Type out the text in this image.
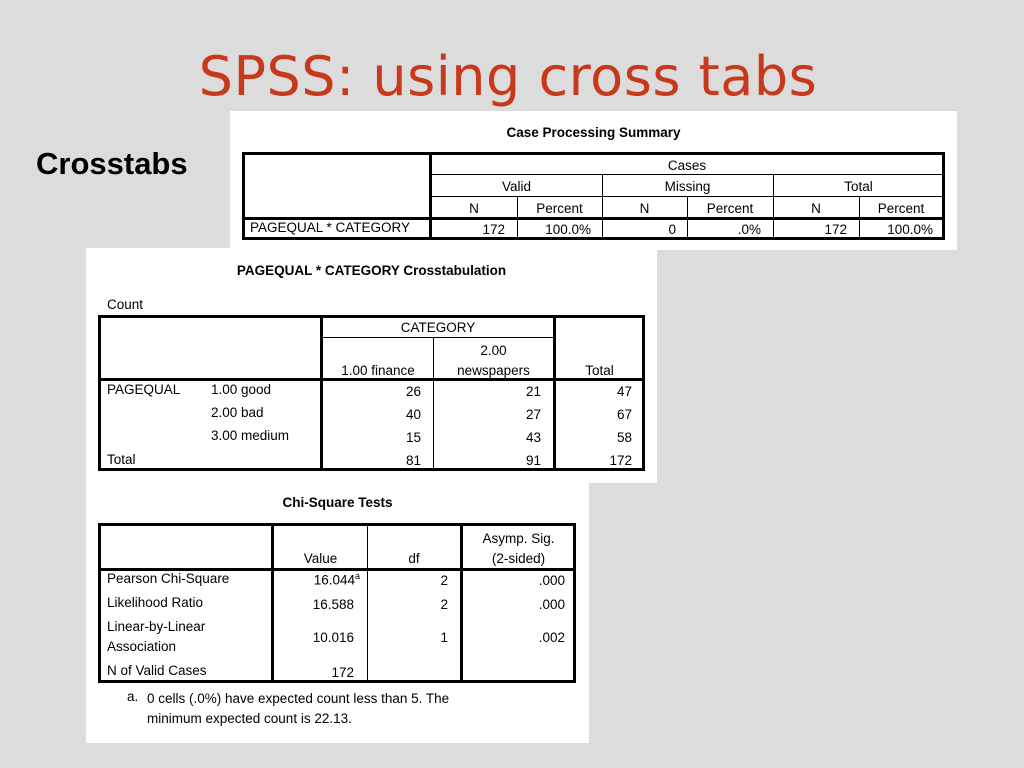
SPSS: using cross tabs
Crosstabs
Case Processing Summary
Cases
Valid	Missing	Total
N	Percent	N	Percent	N	Percent
PAGEQUAL * CATEGORY	172	100.0%	0	.0%	172	100.0%
PAGEQUAL * CATEGORY Crosstabulation
Count
CATEGORY
1.00 finance
2.00
newspapers	Total
PAGEQUAL 1.00 good	26	21	47
2.00 bad	40	27	67
3.00 medium	15	43	58
Total	81	91	172
Chi-Square Tests
Value	df
Asymp. Sig.
(2-sided)
Pearson Chi-Square	16.044$^a$	2	.000
Likelihood Ratio	16.588	2	.000
Linear-by-Linear
Association
10.016	1	.002
N of Valid Cases	172
a. 0 cells (.0%) have expected count less than 5. The
minimum expected count is 22.13.
